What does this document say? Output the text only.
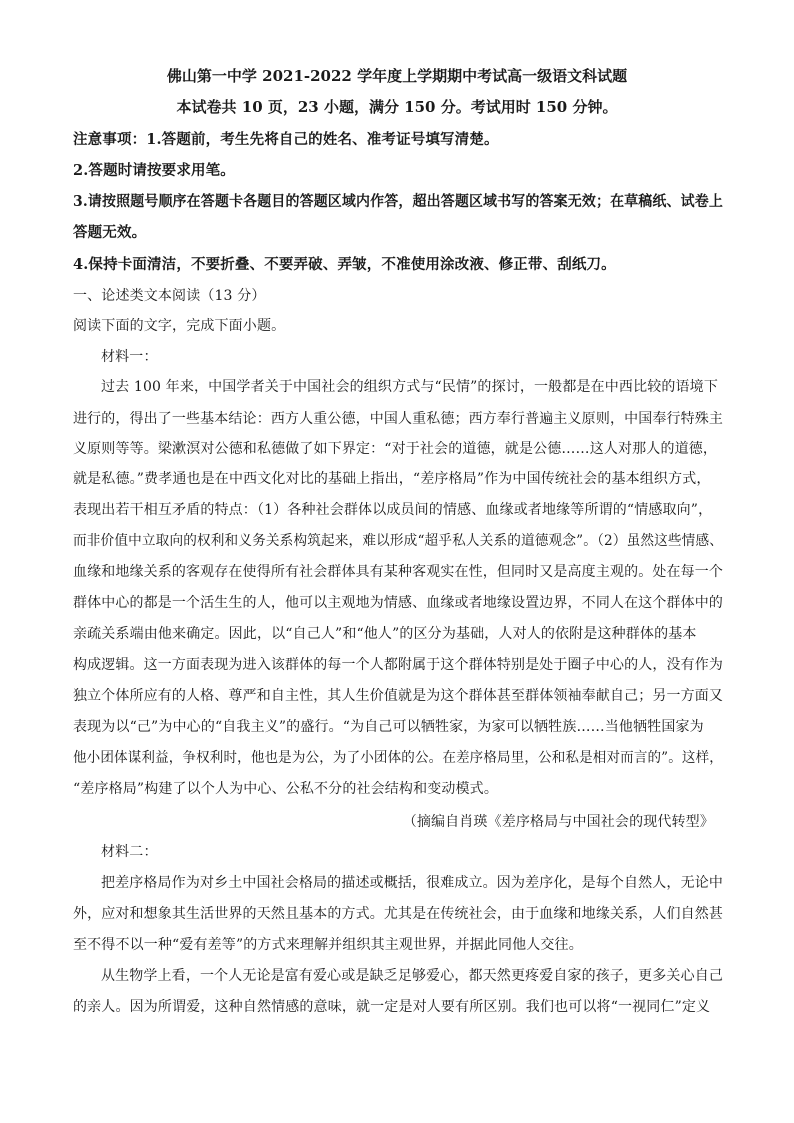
佛山第一中学 2021-2022 学年度上学期期中考试高一级语文科试题
本试卷共 10 页，23 小题，满分 150 分。考试用时 150 分钟。
注意事项：1.答题前，考生先将自己的姓名、准考证号填写清楚。
2.答题时请按要求用笔。
3.请按照题号顺序在答题卡各题目的答题区域内作答，超出答题区域书写的答案无效；在草稿纸、试卷上
答题无效。
4.保持卡面清洁，不要折叠、不要弄破、弄皱，不准使用涂改液、修正带、刮纸刀。
一、论述类文本阅读（13 分）
阅读下面的文字，完成下面小题。
材料一：
过去 100 年来，中国学者关于中国社会的组织方式与“民情”的探讨，一般都是在中西比较的语境下
进行的，得出了一些基本结论：西方人重公德，中国人重私德；西方奉行普遍主义原则，中国奉行特殊主
义原则等等。梁漱溟对公德和私德做了如下界定：“对于社会的道德，就是公德……这人对那人的道德，
就是私德。”费孝通也是在中西文化对比的基础上指出，“差序格局”作为中国传统社会的基本组织方式，
表现出若干相互矛盾的特点：（1）各种社会群体以成员间的情感、血缘或者地缘等所谓的“情感取向”，
而非价值中立取向的权利和义务关系构筑起来，难以形成“超乎私人关系的道德观念”。（2）虽然这些情感、
血缘和地缘关系的客观存在使得所有社会群体具有某种客观实在性，但同时又是高度主观的。处在每一个
群体中心的都是一个活生生的人，他可以主观地为情感、血缘或者地缘设置边界，不同人在这个群体中的
亲疏关系端由他来确定。因此，以“自己人”和“他人”的区分为基础，人对人的依附是这种群体的基本
构成逻辑。这一方面表现为进入该群体的每一个人都附属于这个群体特别是处于圈子中心的人，没有作为
独立个体所应有的人格、尊严和自主性，其人生价值就是为这个群体甚至群体领袖奉献自己；另一方面又
表现为以“己”为中心的“自我主义”的盛行。“为自己可以牺牲家，为家可以牺牲族……当他牺牲国家为
他小团体谋利益，争权利时，他也是为公，为了小团体的公。在差序格局里，公和私是相对而言的”。这样，
“差序格局”构建了以个人为中心、公私不分的社会结构和变动模式。
（摘编自肖瑛《差序格局与中国社会的现代转型》
材料二：
把差序格局作为对乡土中国社会格局的描述或概括，很难成立。因为差序化，是每个自然人，无论中
外，应对和想象其生活世界的天然且基本的方式。尤其是在传统社会，由于血缘和地缘关系，人们自然甚
至不得不以一种“爱有差等”的方式来理解并组织其主观世界，并据此同他人交往。
从生物学上看，一个人无论是富有爱心或是缺乏足够爱心，都天然更疼爱自家的孩子，更多关心自己
的亲人。因为所谓爱，这种自然情感的意味，就一定是对人要有所区别。我们也可以将“一视同仁”定义
